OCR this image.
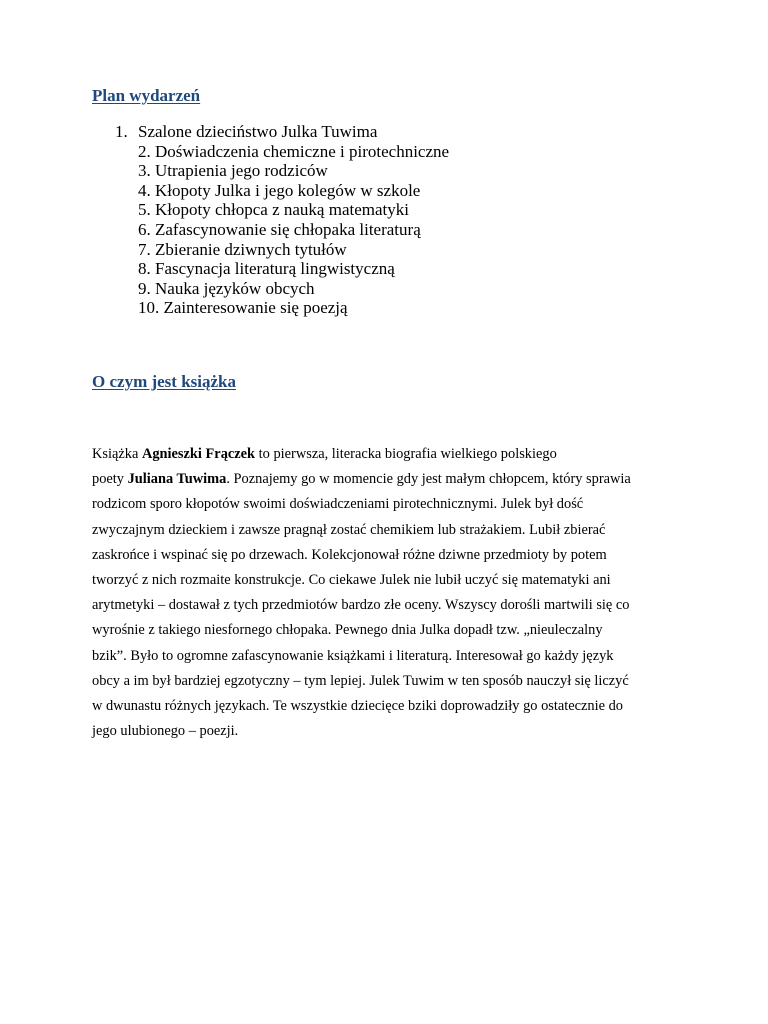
Plan wydarzeń
1. Szalone dzieciństwo Julka Tuwima
2. Doświadczenia chemiczne i pirotechniczne
3. Utrapienia jego rodziców
4. Kłopoty Julka i jego kolegów w szkole
5. Kłopoty chłopca z nauką matematyki
6. Zafascynowanie się chłopaka literaturą
7. Zbieranie dziwnych tytułów
8. Fascynacja literaturą lingwistyczną
9. Nauka języków obcych
10. Zainteresowanie się poezją
O czym jest książka

Książka Agnieszki Frączek to pierwsza, literacka biografia wielkiego polskiego
poety Juliana Tuwima. Poznajemy go w momencie gdy jest małym chłopcem, który sprawia
rodzicom sporo kłopotów swoimi doświadczeniami pirotechnicznymi. Julek był dość
zwyczajnym dzieckiem i zawsze pragnął zostać chemikiem lub strażakiem. Lubił zbierać
zaskrońce i wspinać się po drzewach. Kolekcjonował różne dziwne przedmioty by potem
tworzyć z nich rozmaite konstrukcje. Co ciekawe Julek nie lubił uczyć się matematyki ani
arytmetyki – dostawał z tych przedmiotów bardzo złe oceny. Wszyscy dorośli martwili się co
wyrośnie z takiego niesfornego chłopaka. Pewnego dnia Julka dopadł tzw. „nieuleczalny
bzik”. Było to ogromne zafascynowanie książkami i literaturą. Interesował go każdy język
obcy a im był bardziej egzotyczny – tym lepiej. Julek Tuwim w ten sposób nauczył się liczyć
w dwunastu różnych językach. Te wszystkie dziecięce bziki doprowadziły go ostatecznie do
jego ulubionego – poezji.
